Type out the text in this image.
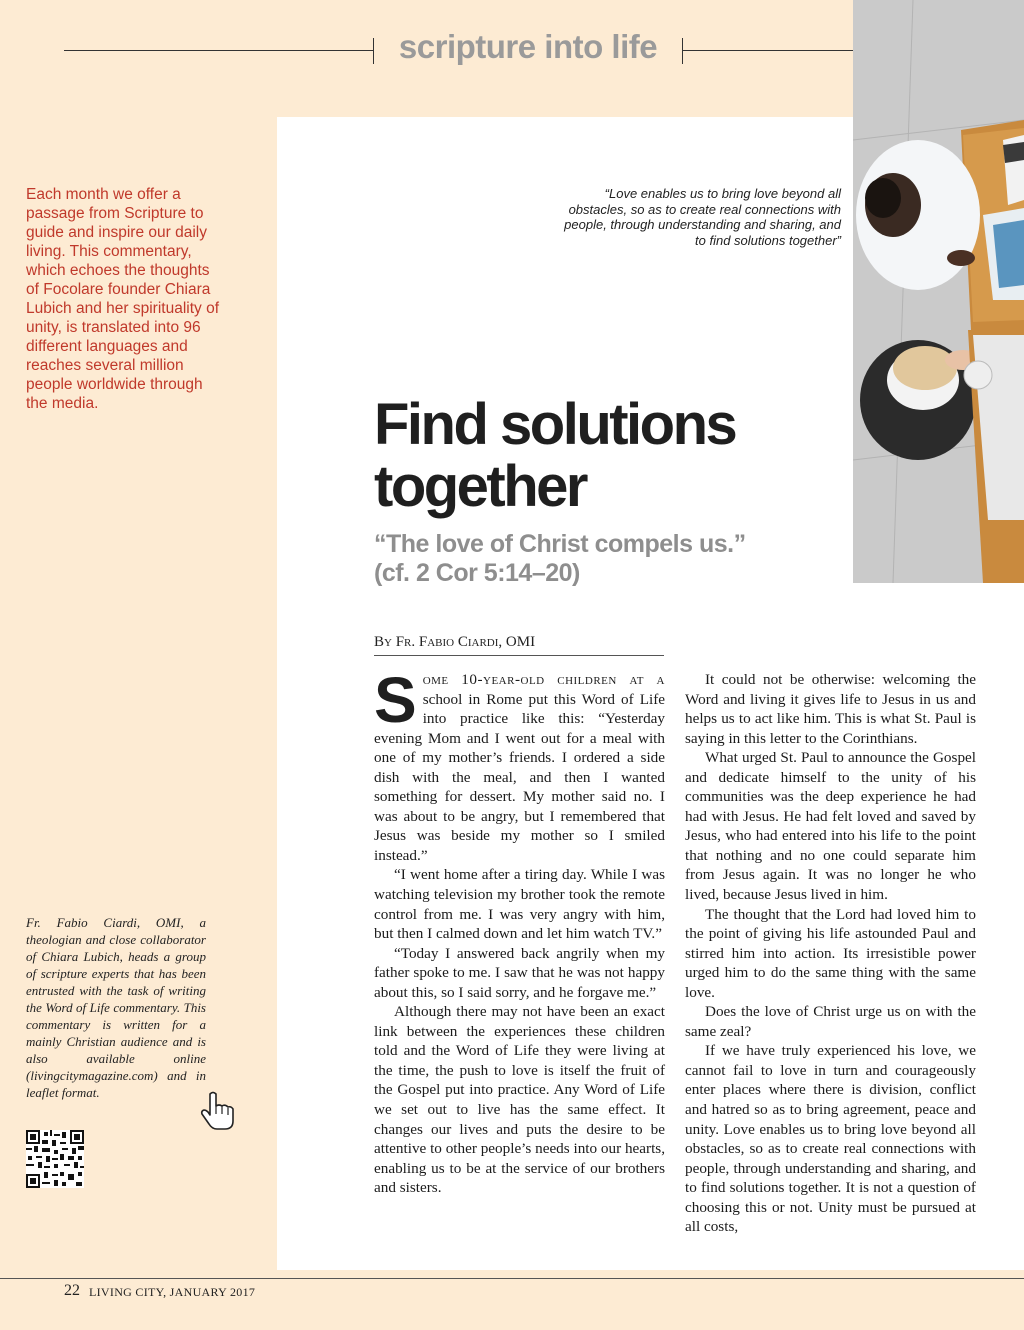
scripture into life
Each month we offer a passage from Scripture to guide and inspire our daily living. This commentary, which echoes the thoughts of Focolare founder Chiara Lubich and her spirituality of unity, is translated into 96 different languages and reaches several million people worldwide through the media.
“Love enables us to bring love beyond all obstacles, so as to create real connections with people, through understanding and sharing, and to find solutions together”
Find solutions
together
“The love of Christ compels us.”
(cf. 2 Cor 5:14–20)
By Fr. Fabio Ciardi, OMI

Some 10-year-old children at a school in Rome put this Word of Life into practice like this: “Yesterday evening Mom and I went out for a meal with one of my mother’s friends. I ordered a side dish with the meal, and then I wanted something for dessert. My mother said no. I was about to be angry, but I remembered that Jesus was beside my mother so I smiled instead.”

“I went home after a tiring day. While I was watching television my brother took the remote control from me. I was very angry with him, but then I calmed down and let him watch TV.”

“Today I answered back angrily when my father spoke to me. I saw that he was not happy about this, so I said sorry, and he forgave me.”

Although there may not have been an exact link between the experiences these children told and the Word of Life they were living at the time, the push to love is itself the fruit of the Gospel put into practice. Any Word of Life we set out to live has the same effect. It changes our lives and puts the desire to be attentive to other people’s needs into our hearts, enabling us to be at the service of our brothers and sisters.

It could not be otherwise: welcoming the Word and living it gives life to Jesus in us and helps us to act like him. This is what St. Paul is saying in this letter to the Corinthians.

What urged St. Paul to announce the Gospel and dedicate himself to the unity of his communities was the deep experience he had had with Jesus. He had felt loved and saved by Jesus, who had entered into his life to the point that nothing and no one could separate him from Jesus again. It was no longer he who lived, because Jesus lived in him.

The thought that the Lord had loved him to the point of giving his life astounded Paul and stirred him into action. Its irresistible power urged him to do the same thing with the same love.

Does the love of Christ urge us on with the same zeal?

If we have truly experienced his love, we cannot fail to love in turn and courageously enter places where there is division, conflict and hatred so as to bring agreement, peace and unity. Love enables us to bring love beyond all obstacles, so as to create real connections with people, through understanding and sharing, and to find solutions together. It is not a question of choosing this or not. Unity must be pursued at all costs,

Fr. Fabio Ciardi, OMI, a theologian and close collaborator of Chiara Lubich, heads a group of scripture experts that has been entrusted with the task of writing the Word of Life commentary. This commentary is written for a mainly Christian audience and is also available online (livingcitymagazine.com) and in leaflet format.
22 LIVING CITY, JANUARY 2017
